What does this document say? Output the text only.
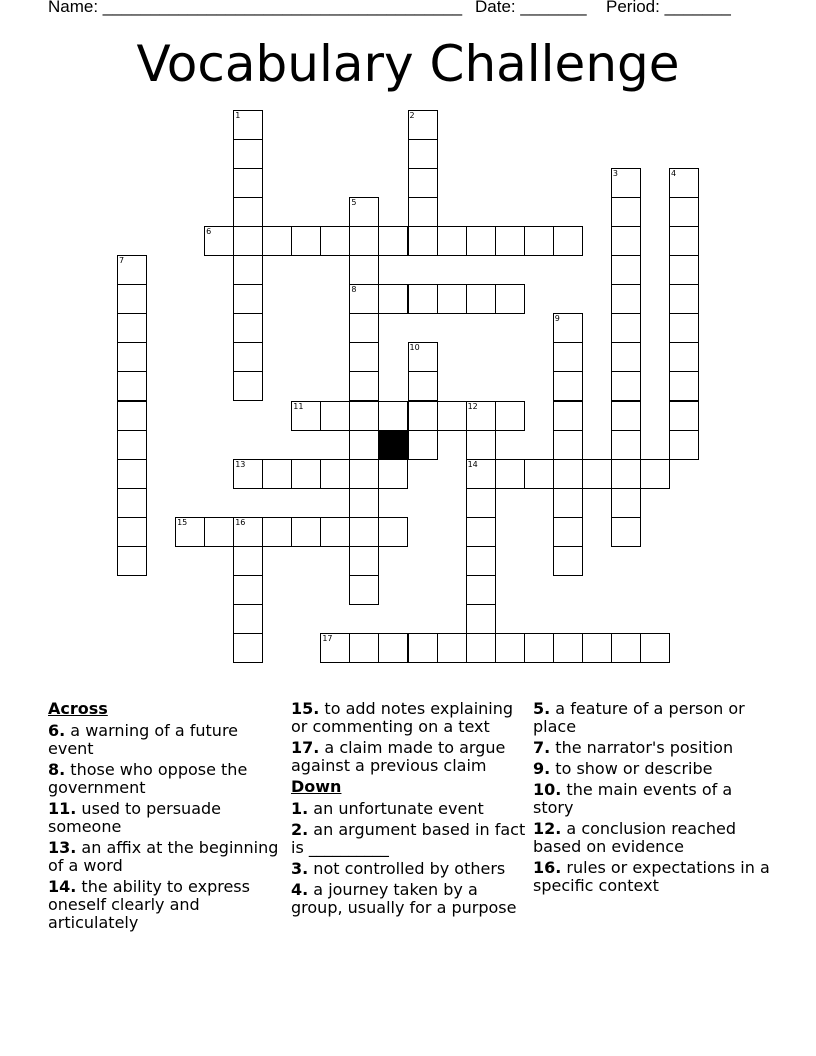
Name: ______________________________________ Date: _______ Period: _______
Vocabulary Challenge
1	2
3	4
5
8
6
7
9
10
11	12
14
13
15	16
17
Across
6. a warning of a future event
8. those who oppose the government
11. used to persuade someone
13. an affix at the beginning of a word
14. the ability to express oneself clearly and articulately
15. to add notes explaining or commenting on a text
17. a claim made to argue against a previous claim
Down
1. an unfortunate event
2. an argument based in fact is __________
3. not controlled by others
4. a journey taken by a group, usually for a purpose
5. a feature of a person or place
7. the narrator's position
9. to show or describe
10. the main events of a story
12. a conclusion reached based on evidence
16. rules or expectations in a specific context
